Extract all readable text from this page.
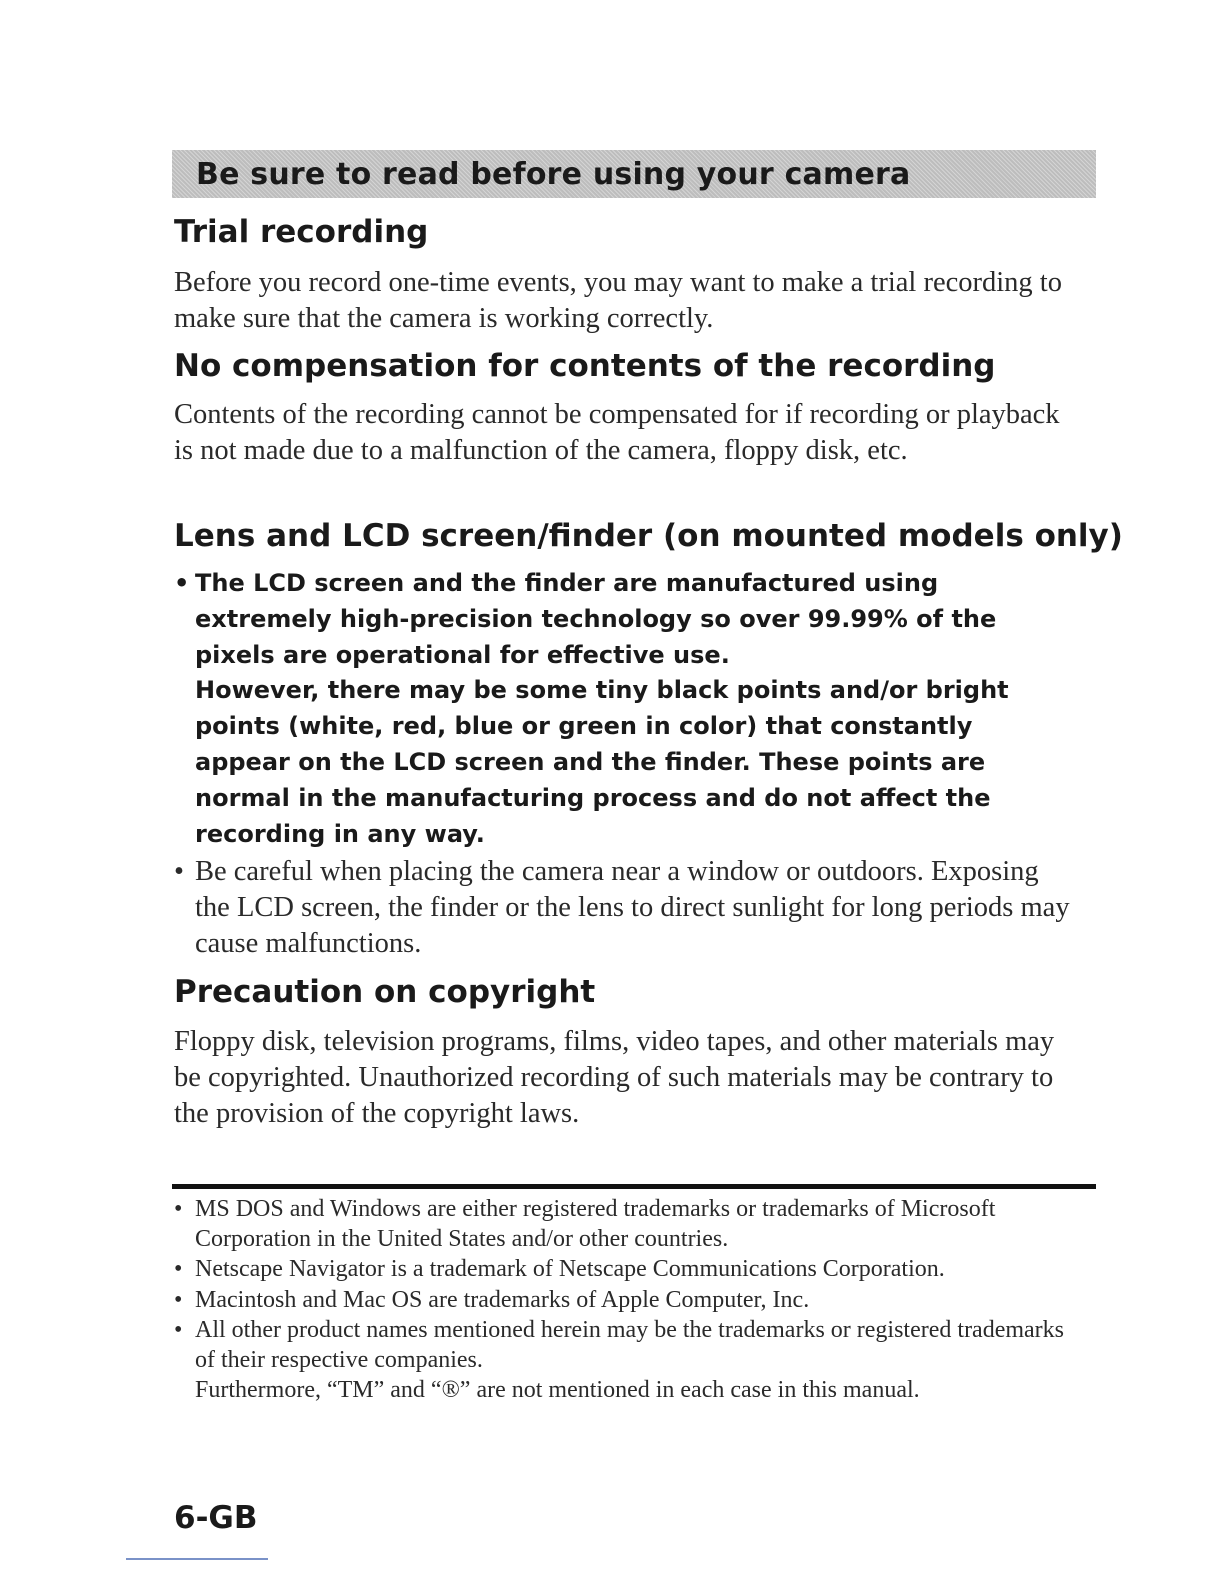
Be sure to read before using your camera
Trial recording

Before you record one-time events, you may want to make a trial recording to make sure that the camera is working correctly.

No compensation for contents of the recording

Contents of the recording cannot be compensated for if recording or playback is not made due to a malfunction of the camera, floppy disk, etc.

Lens and LCD screen/finder (on mounted models only)
• The LCD screen and the finder are manufactured using extremely high-precision technology so over 99.99% of the pixels are operational for effective use.
However, there may be some tiny black points and/or bright points (white, red, blue or green in color) that constantly appear on the LCD screen and the finder. These points are normal in the manufacturing process and do not affect the recording in any way.
• Be careful when placing the camera near a window or outdoors. Exposing the LCD screen, the finder or the lens to direct sunlight for long periods may cause malfunctions.
Precaution on copyright

Floppy disk, television programs, films, video tapes, and other materials may be copyrighted. Unauthorized recording of such materials may be contrary to the provision of the copyright laws.

• MS DOS and Windows are either registered trademarks or trademarks of Microsoft Corporation in the United States and/or other countries.
• Netscape Navigator is a trademark of Netscape Communications Corporation.
• Macintosh and Mac OS are trademarks of Apple Computer, Inc.
• All other product names mentioned herein may be the trademarks or registered trademarks of their respective companies.
Furthermore, “TM” and “®” are not mentioned in each case in this manual.
6-GB
